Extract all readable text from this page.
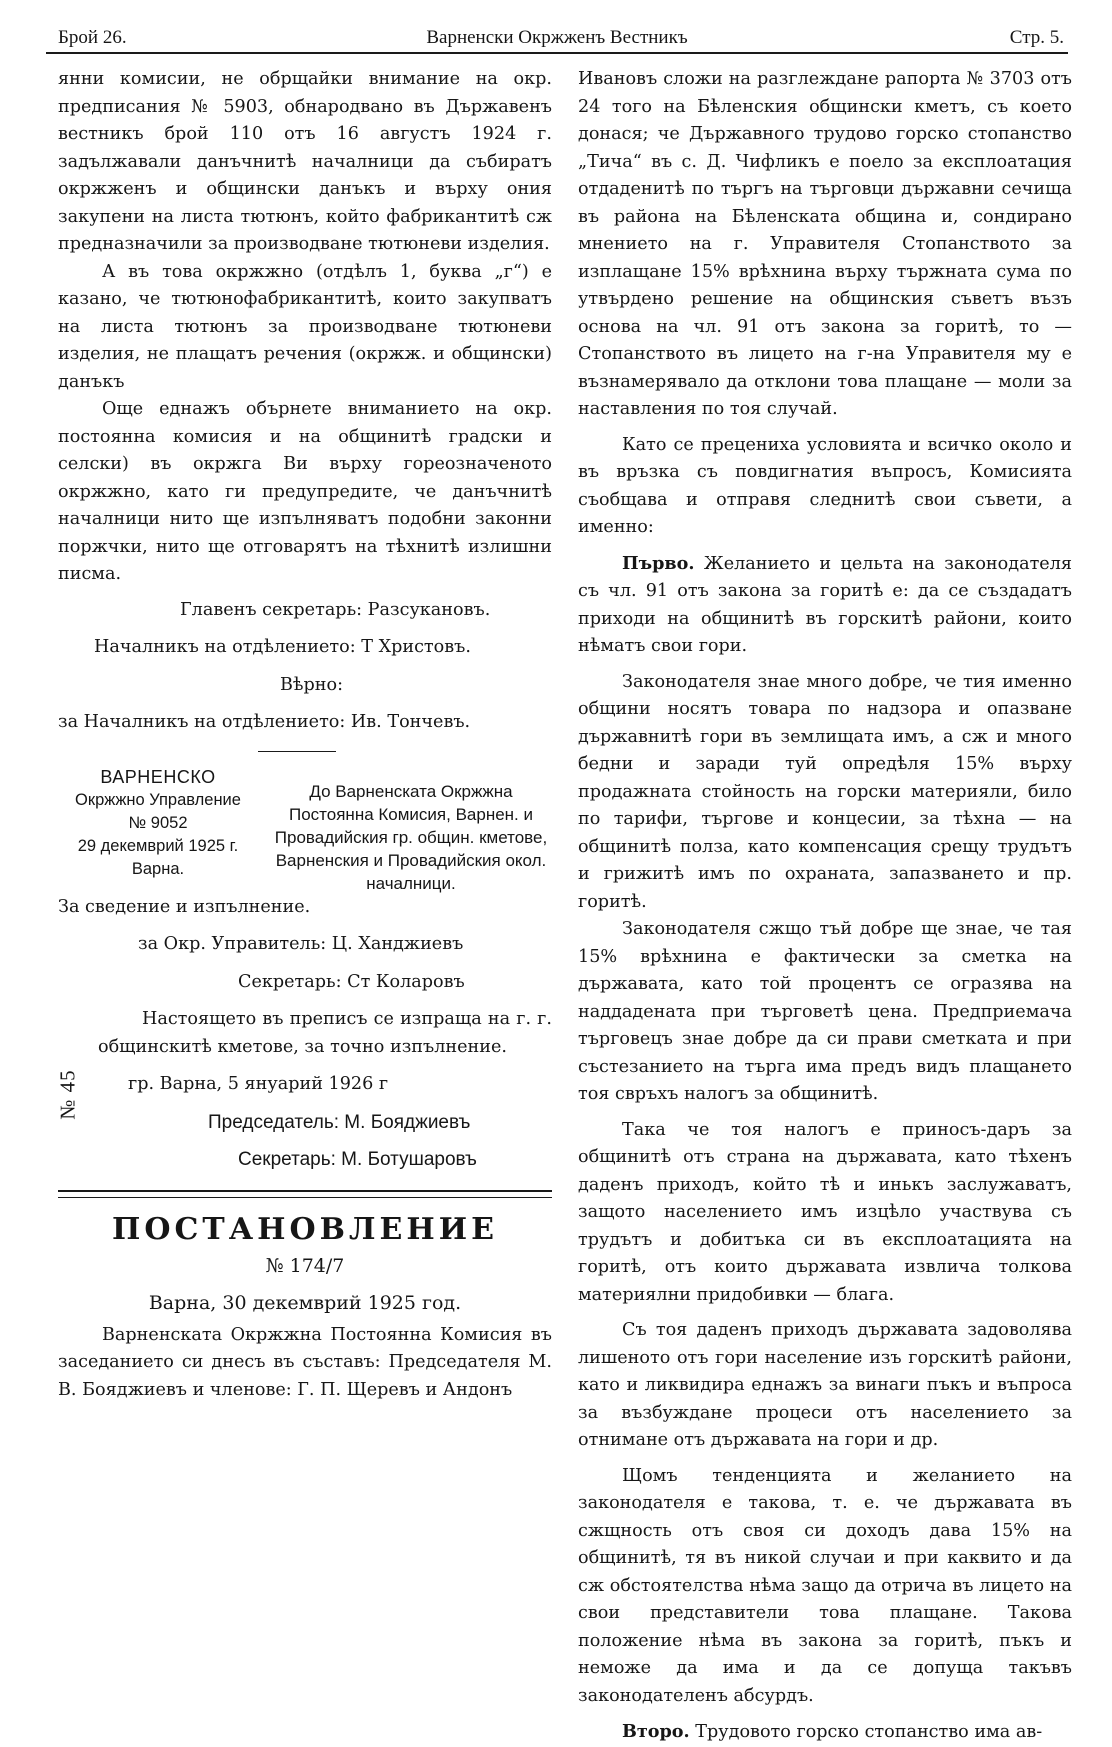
Брой 26.	Варненски Окржженъ Вестникъ	Стр. 5.
№ 45

янни комисии, не обрщайки внимание на окр. предписания № 5903, обнародвано въ Държавенъ вестникъ брой 110 отъ 16 августъ 1924 г. задължавали данъчнитѣ началници да събиратъ окржженъ и общински данъкъ и върху ония закупени на листа тютюнъ, който фабрикантитѣ сж предназначили за производване тютюневи изделия.

А въ това окржжно (отдѣлъ 1, буква „г“) е казано, че тютюнофабрикантитѣ, които закупватъ на листа тютюнъ за производване тютюневи изделия, не плащатъ речения (окржж. и общински) данъкъ

Още еднажъ обърнете вниманието на окр. постоянна комисия и на общинитѣ градски и селски) въ окржга Ви върху гореозначеното окржжно, като ги предупредите, че данъчнитѣ началници нито ще изпълняватъ подобни законни поржчки, нито ще отговарятъ на тѣхнитѣ излишни писма.

Главенъ секретарь: Разсукановъ.

Началникъ на отдѣлението: Т Христовъ.

Вѣрно:

за Началникъ на отдѣлението: Ив. Тончевъ.

ВАРНЕНСКО
Окржжно Управление
№ 9052
29 декемврий 1925 г.
Варна.
До Варненската Окржжна Постоянна Комисия, Варнен. и Провадийския гр. общин. кметове, Варненския и Провадийския окол. началници.

За сведение и изпълнение.

за Окр. Управитель: Ц. Ханджиевъ

Секретарь: Ст Коларовъ

Настоящето въ преписъ се изпраща на г. г. общинскитѣ кметове, за точно изпълнение.

гр. Варна, 5 януарий 1926 г

Председатель: М. Бояджиевъ

Секретарь: М. Ботушаровъ

ПОСТАНОВЛЕНИЕ

№ 174/7

Варна, 30 декемврий 1925 год.

Варненската Окржжна Постоянна Комисия въ заседанието си днесъ въ съставъ: Председателя М. В. Бояджиевъ и членове: Г. П. Щеревъ и Андонъ

Ивановъ сложи на разглеждане рапорта № 3703 отъ 24 того на Бѣленския общински кметъ, съ което донася; че Държавного трудово горско стопанство „Тича“ въ с. Д. Чифликъ е поело за експлоатация отдаденитѣ по търгъ на търговци държавни сечища въ района на Бѣленската община и, сондирано мнението на г. Управителя Стопанството за изплащане 15% врѣхнина върху тържната сума по утвърдено решение на общинския съветъ възъ основа на чл. 91 отъ закона за горитѣ, то — Стопанството въ лицето на г-на Управителя му е възнамерявало да отклони това плащане — моли за наставления по тоя случай.

Като се прецениха условията и всичко около и въ връзка съ повдигнатия въпросъ, Комисията съобщава и отправя следнитѣ свои съвети, а именно:

Първо. Желанието и цельта на законодателя съ чл. 91 отъ закона за горитѣ е: да се създадатъ приходи на общинитѣ въ горскитѣ райони, които нѣматъ свои гори.

Законодателя знае много добре, че тия именно общини носятъ товара по надзора и опазване държавнитѣ гори въ землищата имъ, а сж и много бедни и заради туй опредѣля 15% върху продажната стойность на горски материяли, било по тарифи, търгове и концесии, за тѣхна — на общинитѣ полза, като компенсация срещу трудътъ и грижитѣ имъ по охраната, запазването и пр. горитѣ.

Законодателя сжщо тъй добре ще знае, че тая 15% врѣхнина е фактически за сметка на държавата, като той процентъ се огразява на наддадената при търговетѣ цена. Предприемача търговецъ знае добре да си прави сметката и при състезанието на търга има предъ видъ плащането тоя свръхъ налогъ за общинитѣ.

Така че тоя налогъ е приносъ-даръ за общинитѣ отъ страна на държавата, като тѣхенъ даденъ приходъ, който тѣ и инькъ заслужаватъ, защото населението имъ изцѣло участвува съ трудътъ и добитъка си въ експлоатацията на горитѣ, отъ които държавата извлича толкова материялни придобивки — блага.

Съ тоя даденъ приходъ държавата задоволява лишеното отъ гори население изъ горскитѣ райони, като и ликвидира еднажъ за винаги пъкъ и въпроса за възбуждане процеси отъ населението за отнимане отъ държавата на гори и др.

Щомъ тенденцията и желанието на законодателя е такова, т. е. че държавата въ сжщность отъ своя си доходъ дава 15% на общинитѣ, тя въ никой случаи и при каквито и да сж обстоятелства нѣма защо да отрича въ лицето на свои представители това плащане. Такова положение нѣма въ закона за горитѣ, пъкъ и неможе да има и да се допуща такъвъ законодателенъ абсурдъ.

Второ. Трудовото горско стопанство има ав-
